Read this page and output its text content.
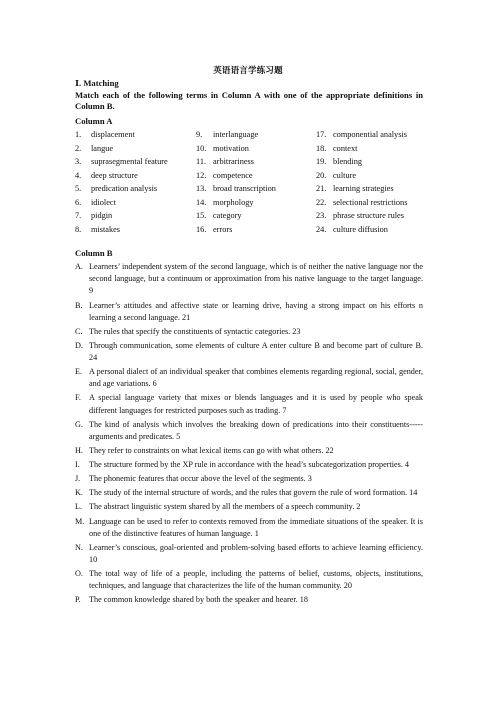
英语语言学练习题
Ⅰ. Matching
Match each of the following terms in Column A with one of the appropriate definitions in Column B.
Column A
1. displacement
2. langue
3. suprasegmental feature
4. deep structure
5. predication analysis
6. idiolect
7. pidgin
8. mistakes
9. interlanguage
10. motivation
11. arbitrariness
12. competence
13. broad transcription
14. morphology
15. category
16. errors
17. componential analysis
18. context
19. blending
20. culture
21. learning strategies
22. selectional restrictions
23. phrase structure rules
24. culture diffusion
Column B
A. Learners’ independent system of the second language, which is of neither the native language nor the second language, but a continuum or approximation from his native language to the target language. 9
B. Learner’s attitudes and affective state or learning drive, having a strong impact on his efforts n learning a second language. 21
C. The rules that specify the constituents of syntactic categories. 23
D. Through communication, some elements of culture A enter culture B and become part of culture B. 24
E. A personal dialect of an individual speaker that combines elements regarding regional, social, gender, and age variations. 6
F. A special language variety that mixes or blends languages and it is used by people who speak different languages for restricted purposes such as trading. 7
G. The kind of analysis which involves the breaking down of predications into their constituents----- arguments and predicates. 5
H. They refer to constraints on what lexical items can go with what others. 22
I. The structure formed by the XP rule in accordance with the head’s subcategorization properties. 4
J. The phonemic features that occur above the level of the segments. 3
K. The study of the internal structure of words, and the rules that govern the rule of word formation. 14
L. The abstract linguistic system shared by all the members of a speech community. 2
M. Language can be used to refer to contexts removed from the immediate situations of the speaker. It is one of the distinctive features of human language. 1
N. Learner’s conscious, goal-oriented and problem-solving based efforts to achieve learning efficiency. 10
O. The total way of life of a people, including the patterns of belief, customs, objects, institutions, techniques, and language that characterizes the life of the human community. 20
P. The common knowledge shared by both the speaker and hearer. 18
